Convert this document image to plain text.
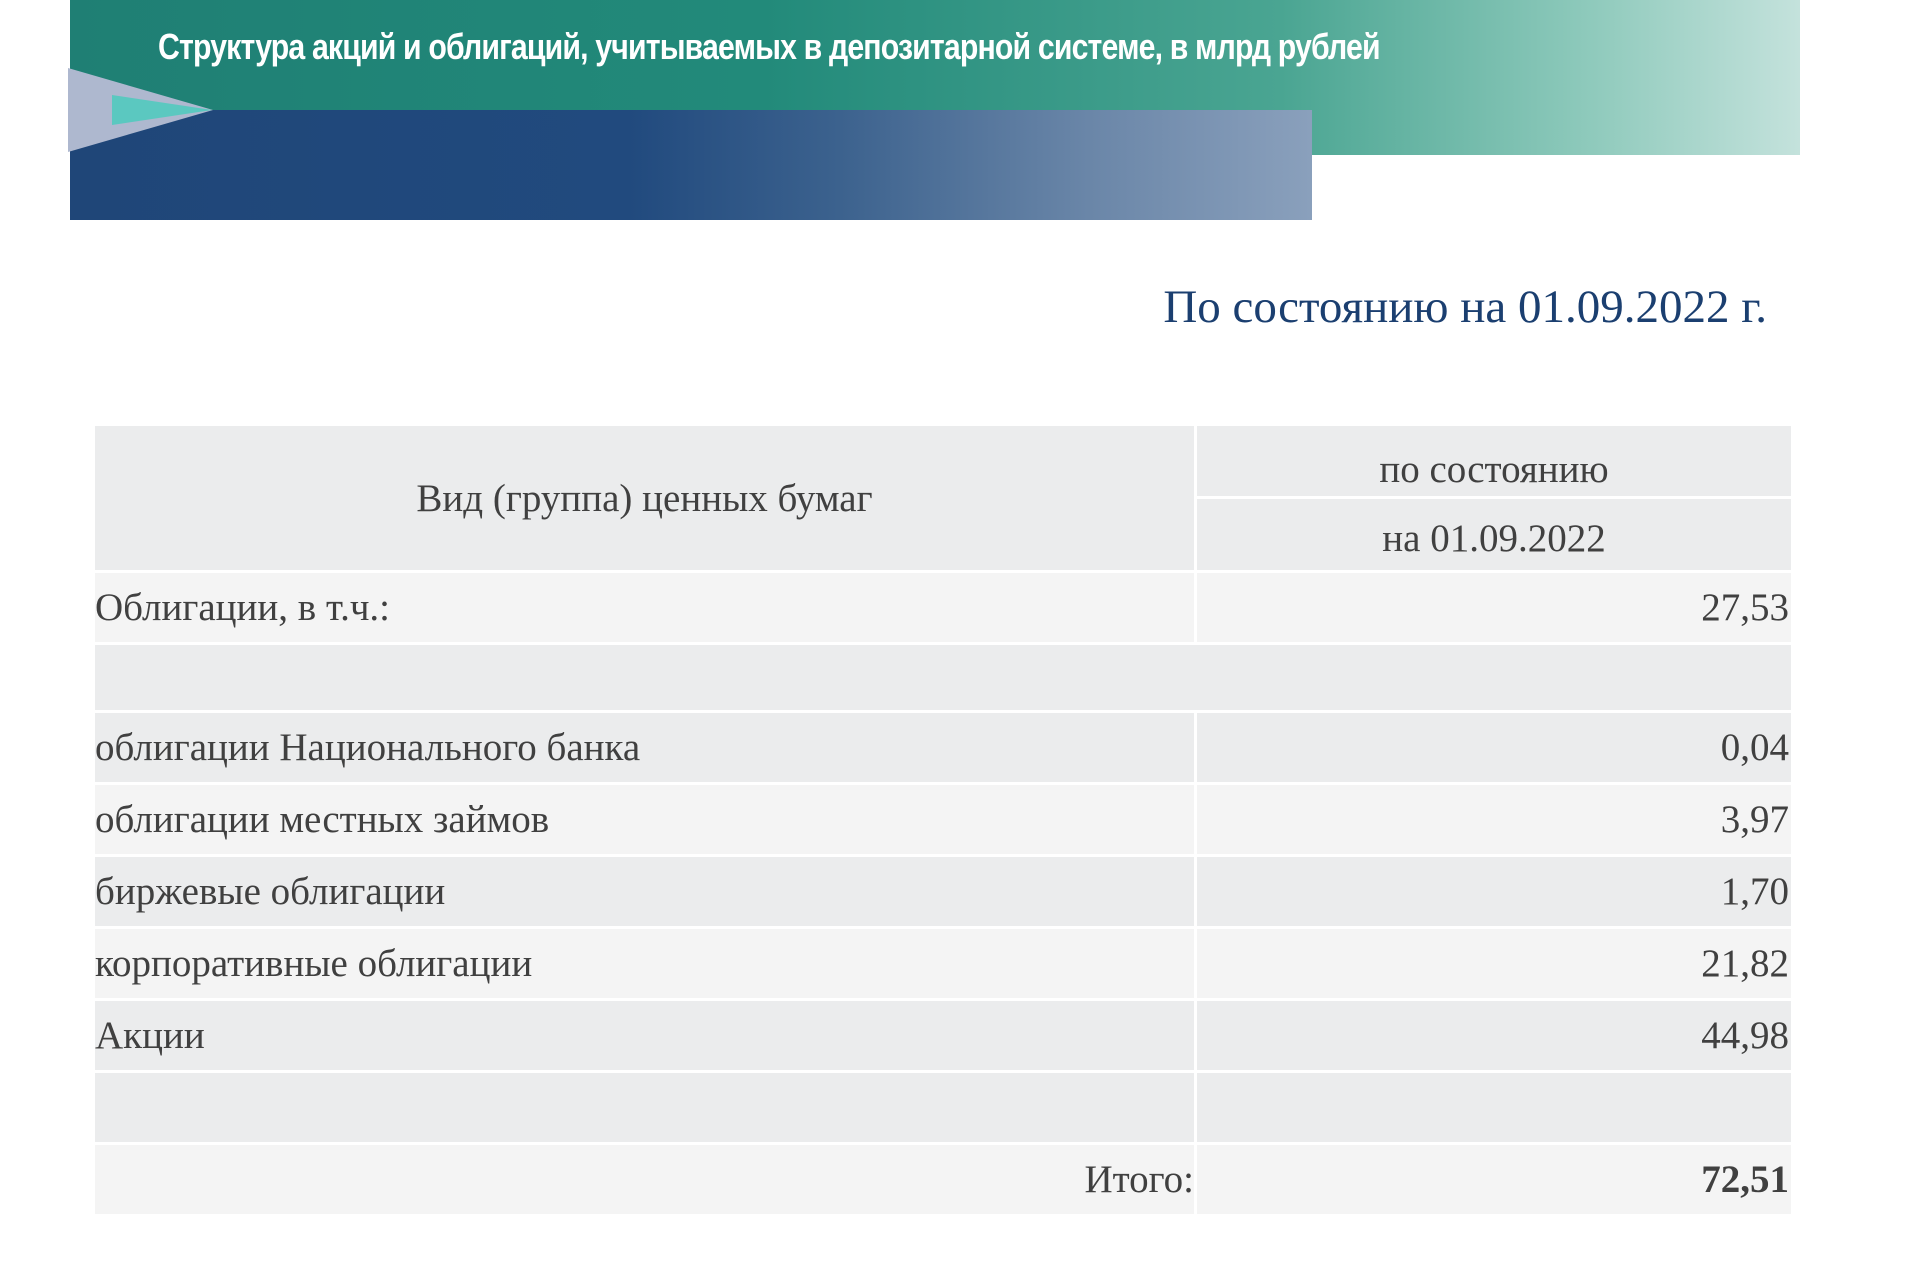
Структура акций и облигаций, учитываемых в депозитарной системе, в млрд рублей

По состоянию на 01.09.2022 г.

Вид (группа) ценных бумаг	по состоянию
на 01.09.2022

Облигации, в т.ч.:	27,53

облигации Национального банка	0,04
облигации местных займов	3,97
биржевые облигации	1,70
корпоративные облигации	21,82
Акции	44,98

Итого:	72,51
